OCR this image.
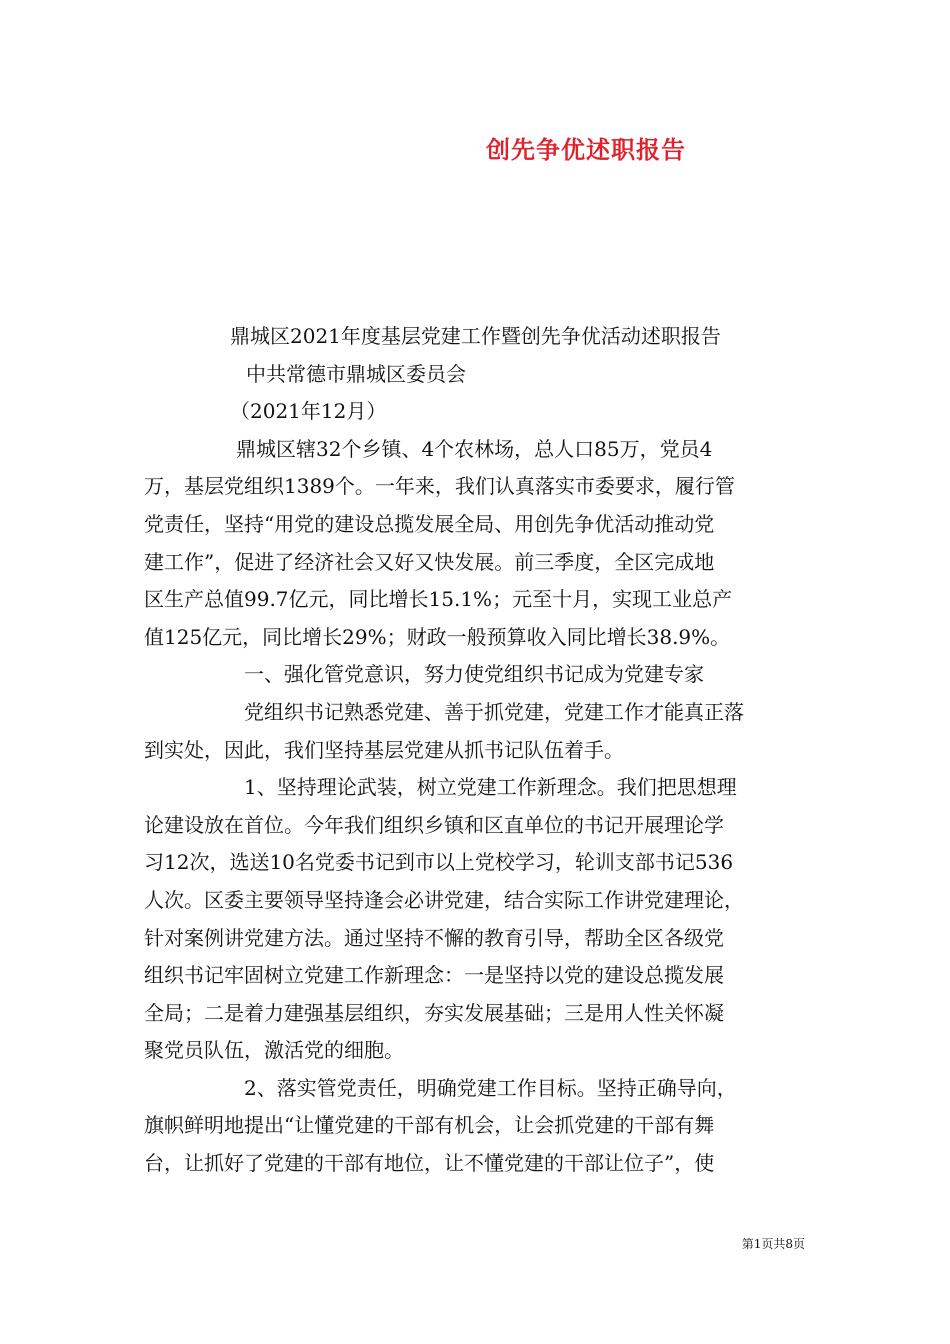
创先争优述职报告

鼎城区2021年度基层党建工作暨创先争优活动述职报告

中共常德市鼎城区委员会

（2021年12月）

鼎城区辖32个乡镇、4个农林场，总人口85万，党员4

万，基层党组织1389个。一年来，我们认真落实市委要求，履行管

党责任，坚持“用党的建设总揽发展全局、用创先争优活动推动党

建工作”，促进了经济社会又好又快发展。前三季度，全区完成地

区生产总值99.7亿元，同比增长15.1%；元至十月，实现工业总产

值125亿元，同比增长29%；财政一般预算收入同比增长38.9%。

一、强化管党意识，努力使党组织书记成为党建专家

党组织书记熟悉党建、善于抓党建，党建工作才能真正落

到实处，因此，我们坚持基层党建从抓书记队伍着手。

1、坚持理论武装，树立党建工作新理念。我们把思想理

论建设放在首位。今年我们组织乡镇和区直单位的书记开展理论学

习12次，选送10名党委书记到市以上党校学习，轮训支部书记536

人次。区委主要领导坚持逢会必讲党建，结合实际工作讲党建理论，

针对案例讲党建方法。通过坚持不懈的教育引导，帮助全区各级党

组织书记牢固树立党建工作新理念：一是坚持以党的建设总揽发展

全局；二是着力建强基层组织，夯实发展基础；三是用人性关怀凝

聚党员队伍，激活党的细胞。

2、落实管党责任，明确党建工作目标。坚持正确导向，

旗帜鲜明地提出“让懂党建的干部有机会，让会抓党建的干部有舞

台，让抓好了党建的干部有地位，让不懂党建的干部让位子”，使

第1页共8页
